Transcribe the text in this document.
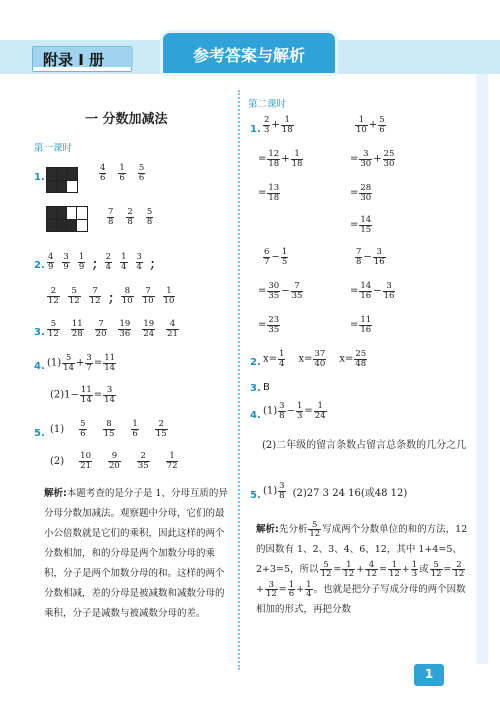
附录 I 册	参考答案与解析
一 分数加减法
第一课时
1.	$\frac{4}{6} \frac{1}{6} \frac{5}{6}$
$\frac{7}{8} \frac{2}{8} \frac{5}{8}$
2. $\frac{4}{9} \frac{3}{9} \frac{1}{9}$ ; $\frac{2}{4} \frac{1}{4} \frac{3}{4}$ ;
$\frac{2}{12} \frac{5}{12} \frac{7}{12}$ ; $\frac{8}{10} \frac{7}{10} \frac{1}{10}$
3. $\frac{5}{12} \frac{11}{28} \frac{7}{20} \frac{19}{36} \frac{19}{24} \frac{4}{21}$
4. $(1) \frac{5}{14} + \frac{3}{7} = \frac{11}{14}$
$(2)1- \frac{11}{14} = \frac{3}{14}$
5. $(1) \frac{5}{6} \frac{8}{15} \frac{1}{6} \frac{2}{15}$
$(2) \frac{10}{21} \frac{9}{20} \frac{2}{35} \frac{1}{72}$
解析:本题考查的是分子是 1、分母互质的异分母分数加减法。观察题中分母，它们的最小公倍数就是它们的乘积，因此这样的两个分数相加，和的分母是两个加数分母的乘积，分子是两个加数分母的和。这样的两个分数相减，差的分母是被减数和减数分母的乘积，分子是减数与被减数分母的差。
第二课时
1. $\frac{2}{3} + \frac{1}{18}$
= $\frac{12}{18} + \frac{1}{18}$
= $\frac{13}{18}$
$\frac{6}{7} - \frac{1}{5}$
= $\frac{30}{35} - \frac{7}{35}$
= $\frac{23}{35}$
$\frac{1}{10} + \frac{5}{6}$
= $\frac{3}{30} + \frac{25}{30}$
= $\frac{28}{30}$
= $\frac{14}{15}$
$\frac{7}{8} - \frac{3}{16}$
= $\frac{14}{16} - \frac{3}{16}$
= $\frac{11}{16}$
2. $x= \frac{1}{4} x= \frac{37}{40} x= \frac{25}{48}$
3. B
4. $(1) \frac{3}{8} - \frac{1}{3} = \frac{1}{24}$
(2)二年级的留言条数占留言总条数的几分之几
5. $(1) \frac{3}{8} (2)27$ 3 24 16(或48 12)
解析:先分析 $\frac{5}{12}$ 写成两个分数单位的和的方法，12 的因数有 1、2、3、4、6、12，其中 1+4=5、2+3=5，所以 $\frac{5}{12} = \frac{1}{12} + \frac{4}{12} = \frac{1}{12} + \frac{1}{3}$ 或 $\frac{5}{12} = \frac{2}{12}$
+ $\frac{3}{12} = \frac{1}{6} + \frac{1}{4}$ 。也就是把分子写成分母的两个因数相加的形式，再把分数
1
